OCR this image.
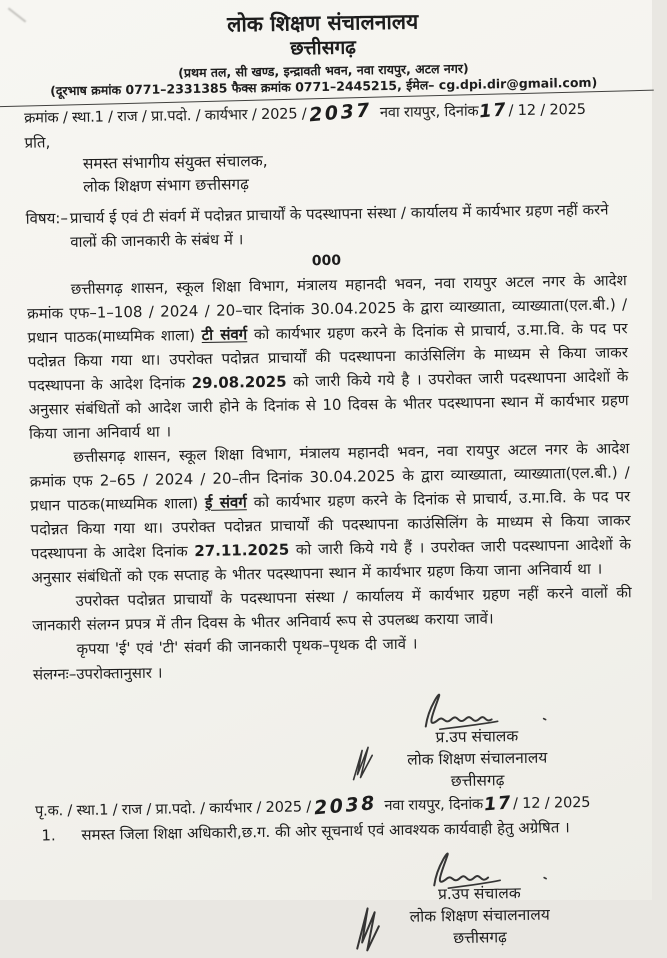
लोक शिक्षण संचालनालय
छत्तीसगढ़
(प्रथम तल, सी खण्ड, इन्द्रावती भवन, नवा रायपुर, अटल नगर)
(दूरभाष क्रमांक 0771–2331385 फैक्स क्रमांक 0771–2445215, ईमेल– cg.dpi.dir@gmail.com)
क्रमांक / स्था.1 / राज / प्रा.पदो. / कार्यभार / 2025 / 2037 नवा रायपुर, दिनांक17/ 12 / 2025
प्रति,
समस्त संभागीय संयुक्त संचालक,
लोक शिक्षण संभाग छत्तीसगढ़
विषय:– प्राचार्य ई एवं टी संवर्ग में पदोन्नत प्राचार्यों के पदस्थापना संस्था / कार्यालय में कार्यभार ग्रहण नहीं करने वालों की जानकारी के संबंध में ।
000

छत्तीसगढ़ शासन, स्कूल शिक्षा विभाग, मंत्रालय महानदी भवन, नवा रायपुर अटल नगर के आदेश क्रमांक एफ–1–108 / 2024 / 20–चार दिनांक 30.04.2025 के द्वारा व्याख्याता, व्याख्याता(एल.बी.) / प्रधान पाठक(माध्यमिक शाला) टी संवर्ग को कार्यभार ग्रहण करने के दिनांक से प्राचार्य, उ.मा.वि. के पद पर पदोन्नत किया गया था। उपरोक्त पदोन्नत प्राचार्यों की पदस्थापना काउंसिलिंग के माध्यम से किया जाकर पदस्थापना के आदेश दिनांक 29.08.2025 को जारी किये गये है । उपरोक्त जारी पदस्थापना आदेशों के अनुसार संबंधितों को आदेश जारी होने के दिनांक से 10 दिवस के भीतर पदस्थापना स्थान में कार्यभार ग्रहण किया जाना अनिवार्य था ।

छत्तीसगढ़ शासन, स्कूल शिक्षा विभाग, मंत्रालय महानदी भवन, नवा रायपुर अटल नगर के आदेश क्रमांक एफ 2–65 / 2024 / 20–तीन दिनांक 30.04.2025 के द्वारा व्याख्याता, व्याख्याता(एल.बी.) / प्रधान पाठक(माध्यमिक शाला) ई संवर्ग को कार्यभार ग्रहण करने के दिनांक से प्राचार्य, उ.मा.वि. के पद पर पदोन्नत किया गया था। उपरोक्त पदोन्नत प्राचार्यों की पदस्थापना काउंसिलिंग के माध्यम से किया जाकर पदस्थापना के आदेश दिनांक 27.11.2025 को जारी किये गये हैं । उपरोक्त जारी पदस्थापना आदेशों के अनुसार संबंधितों को एक सप्ताह के भीतर पदस्थापना स्थान में कार्यभार ग्रहण किया जाना अनिवार्य था ।

उपरोक्त पदोन्नत प्राचार्यों के पदस्थापना संस्था / कार्यालय में कार्यभार ग्रहण नहीं करने वालों की जानकारी संलग्न प्रपत्र में तीन दिवस के भीतर अनिवार्य रूप से उपलब्ध कराया जावें।

कृपया 'ई' एवं 'टी' संवर्ग की जानकारी पृथक–पृथक दी जावें ।

संलग्नः–उपरोक्तानुसार ।
प्र.उप संचालक
लोक शिक्षण संचालनालय
छत्तीसगढ़
पृ.क. / स्था.1 / राज / प्रा.पदो. / कार्यभार / 2025 / 2038 नवा रायपुर, दिनांक17/ 12 / 2025
1.	समस्त जिला शिक्षा अधिकारी,छ.ग. की ओर सूचनार्थ एवं आवश्यक कार्यवाही हेतु अग्रेषित ।
प्र.उप संचालक
लोक शिक्षण संचालनालय
छत्तीसगढ़
